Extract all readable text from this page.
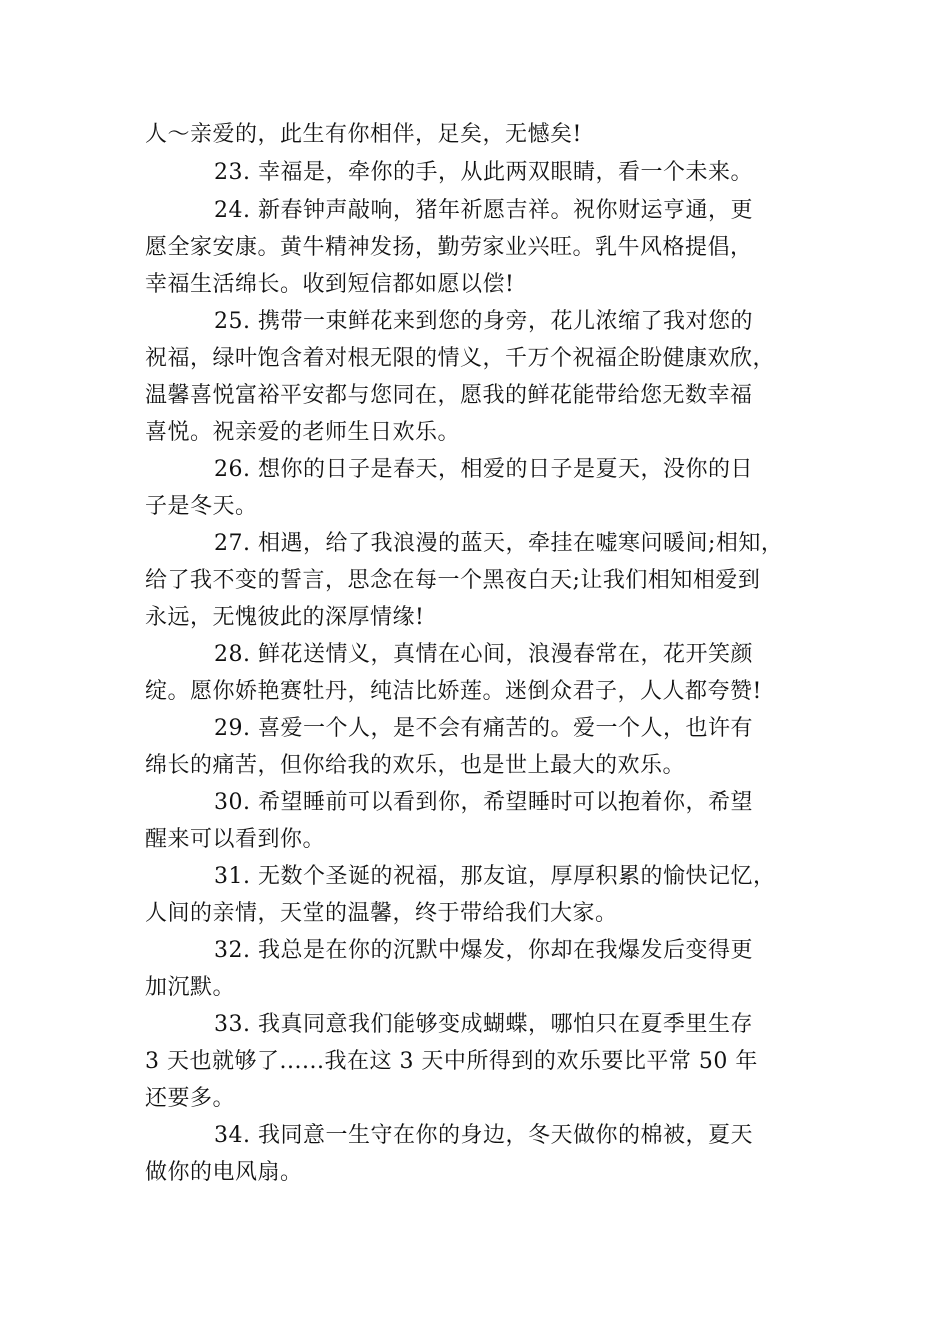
人～亲爱的，此生有你相伴，足矣，无憾矣!
23. 幸福是，牵你的手，从此两双眼睛，看一个未来。
24. 新春钟声敲响，猪年祈愿吉祥。祝你财运亨通，更
愿全家安康。黄牛精神发扬，勤劳家业兴旺。乳牛风格提倡，
幸福生活绵长。收到短信都如愿以偿!
25. 携带一束鲜花来到您的身旁，花儿浓缩了我对您的
祝福，绿叶饱含着对根无限的情义，千万个祝福企盼健康欢欣，
温馨喜悦富裕平安都与您同在，愿我的鲜花能带给您无数幸福
喜悦。祝亲爱的老师生日欢乐。
26. 想你的日子是春天，相爱的日子是夏天，没你的日
子是冬天。
27. 相遇，给了我浪漫的蓝天，牵挂在嘘寒问暖间;相知，
给了我不变的誓言，思念在每一个黑夜白天;让我们相知相爱到
永远，无愧彼此的深厚情缘!
28. 鲜花送情义，真情在心间，浪漫春常在，花开笑颜
绽。愿你娇艳赛牡丹，纯洁比娇莲。迷倒众君子，人人都夸赞!
29. 喜爱一个人，是不会有痛苦的。爱一个人，也许有
绵长的痛苦，但你给我的欢乐，也是世上最大的欢乐。
30. 希望睡前可以看到你，希望睡时可以抱着你，希望
醒来可以看到你。
31. 无数个圣诞的祝福，那友谊，厚厚积累的愉快记忆，
人间的亲情，天堂的温馨，终于带给我们大家。
32. 我总是在你的沉默中爆发，你却在我爆发后变得更
加沉默。
33. 我真同意我们能够变成蝴蝶，哪怕只在夏季里生存
3 天也就够了......我在这 3 天中所得到的欢乐要比平常 50 年
还要多。
34. 我同意一生守在你的身边，冬天做你的棉被，夏天
做你的电风扇。
